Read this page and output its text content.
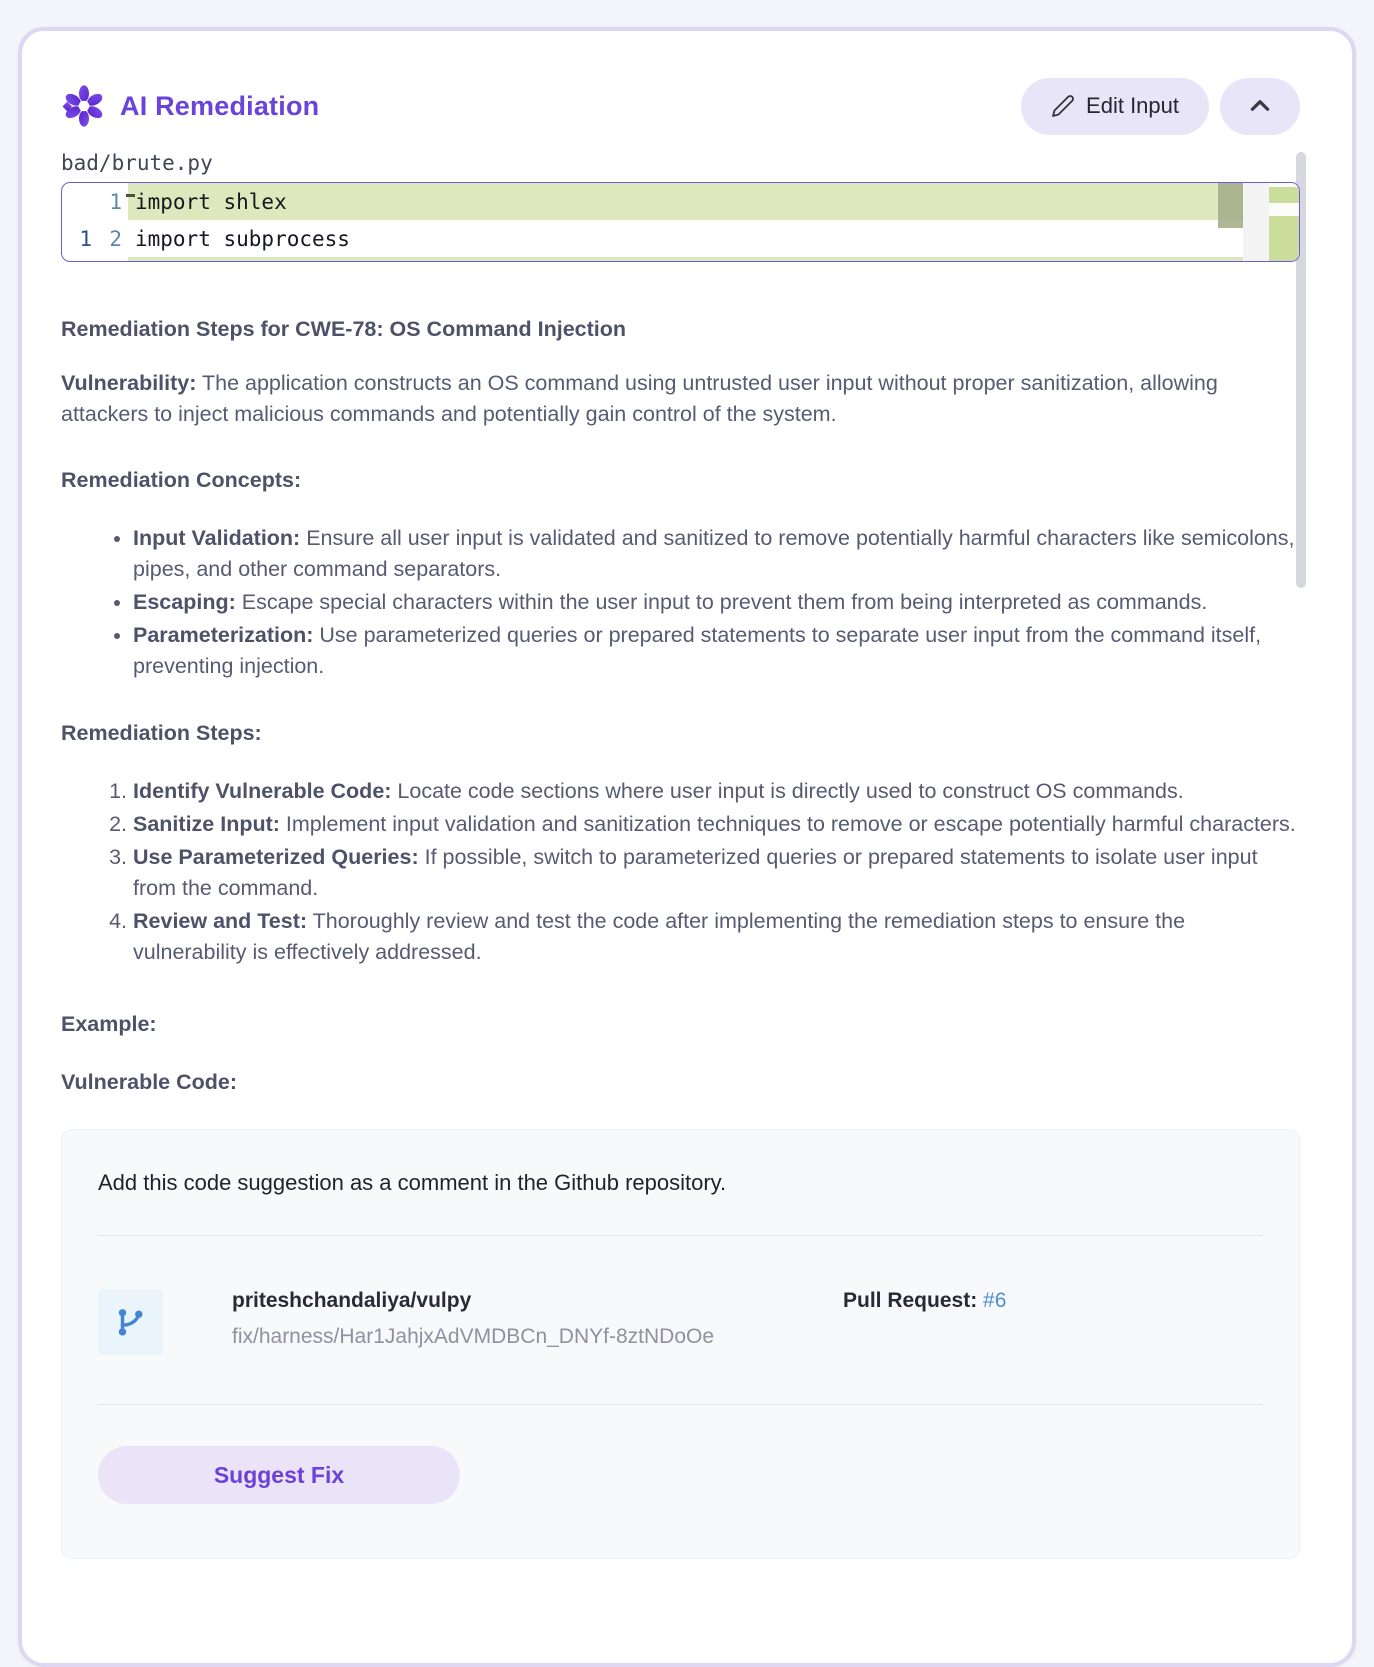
AI Remediation	Edit Input
bad/brute.py
1 import shlex
1 2 import subprocess
Remediation Steps for CWE-78: OS Command Injection

Vulnerability: The application constructs an OS command using untrusted user input without proper sanitization, allowing attackers to inject malicious commands and potentially gain control of the system.

Remediation Concepts:
• Input Validation: Ensure all user input is validated and sanitized to remove potentially harmful characters like semicolons, pipes, and other command separators.
• Escaping: Escape special characters within the user input to prevent them from being interpreted as commands.
• Parameterization: Use parameterized queries or prepared statements to separate user input from the command itself, preventing injection.
Remediation Steps:
1. Identify Vulnerable Code: Locate code sections where user input is directly used to construct OS commands.
2. Sanitize Input: Implement input validation and sanitization techniques to remove or escape potentially harmful characters.
3. Use Parameterized Queries: If possible, switch to parameterized queries or prepared statements to isolate user input from the command.
4. Review and Test: Thoroughly review and test the code after implementing the remediation steps to ensure the vulnerability is effectively addressed.
Example:
Vulnerable Code:
Add this code suggestion as a comment in the Github repository.
priteshchandaliya/vulpy
fix/harness/Har1JahjxAdVMDBCn_DNYf-8ztNDoOe
Pull Request: #6
Suggest Fix
